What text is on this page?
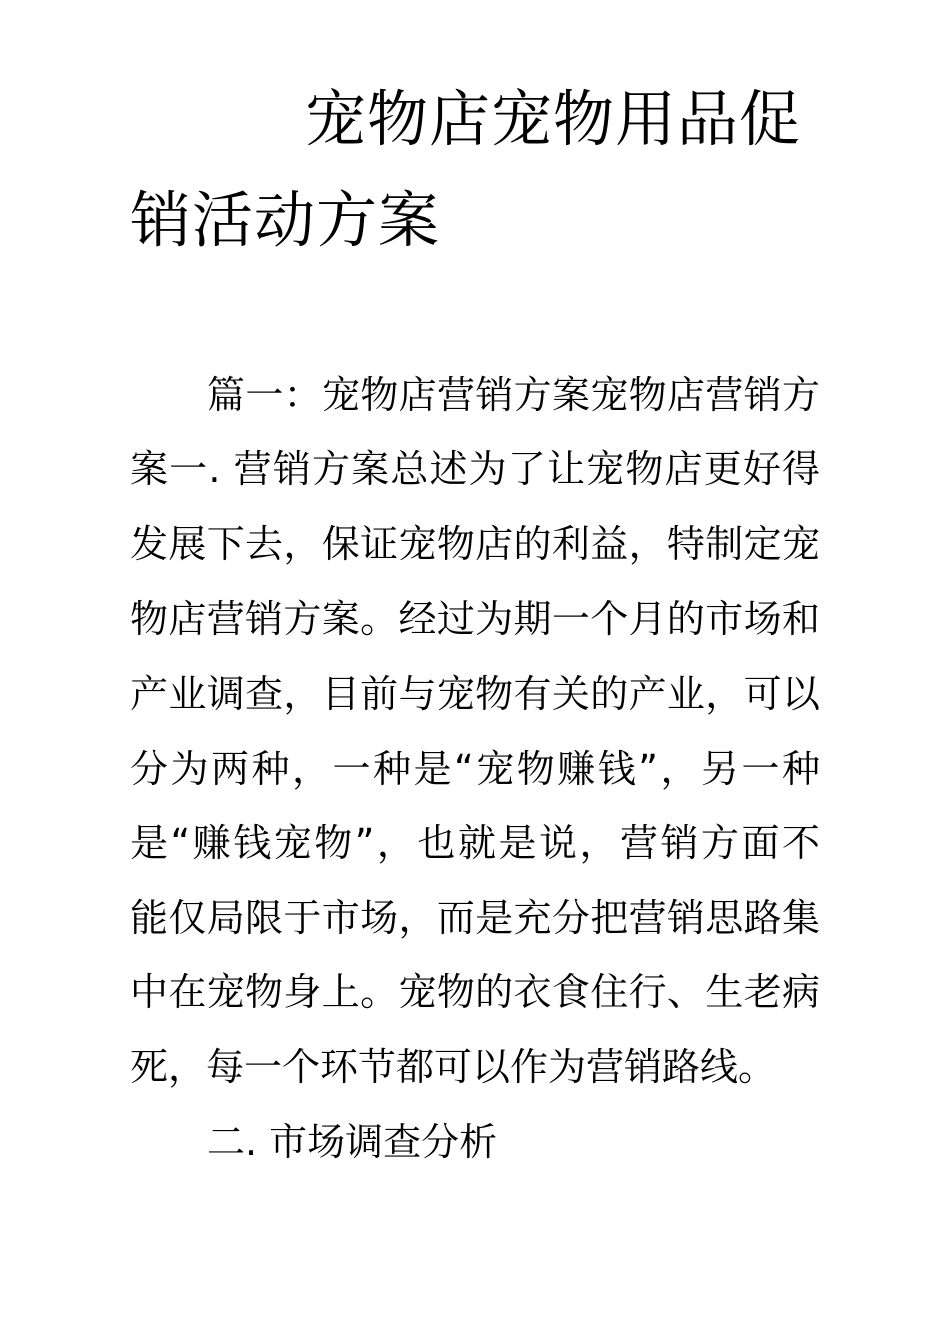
宠物店宠物用品促
销活动方案
篇一：宠物店营销方案宠物店营销方
案一. 营销方案总述为了让宠物店更好得
发展下去，保证宠物店的利益，特制定宠
物店营销方案。经过为期一个月的市场和
产业调查，目前与宠物有关的产业，可以
分为两种，一种是“宠物赚钱”，另一种
是“赚钱宠物”，也就是说，营销方面不
能仅局限于市场，而是充分把营销思路集
中在宠物身上。宠物的衣食住行、生老病
死，每一个环节都可以作为营销路线。
二. 市场调查分析
